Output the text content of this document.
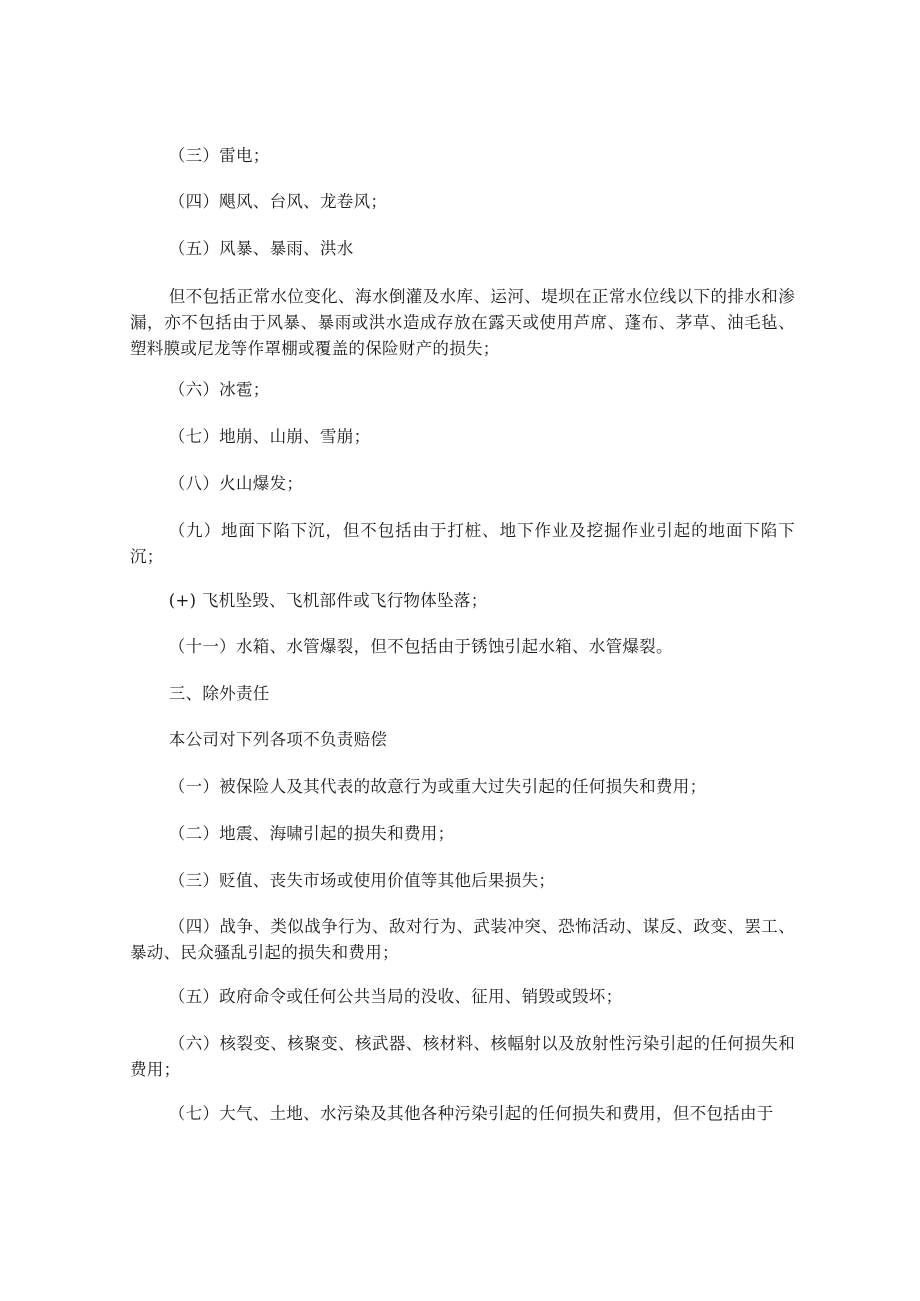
（三）雷电；

（四）飓风、台风、龙卷风；

（五）风暴、暴雨、洪水

但不包括正常水位变化、海水倒灌及水库、运河、堤坝在正常水位线以下的排水和渗漏，亦不包括由于风暴、暴雨或洪水造成存放在露天或使用芦席、蓬布、茅草、油毛毡、塑料膜或尼龙等作罩棚或覆盖的保险财产的损失；

（六）冰雹；

（七）地崩、山崩、雪崩；

（八）火山爆发；

（九）地面下陷下沉，但不包括由于打桩、地下作业及挖掘作业引起的地面下陷下沉；

(+) 飞机坠毁、飞机部件或飞行物体坠落；

（十一）水箱、水管爆裂，但不包括由于锈蚀引起水箱、水管爆裂。

三、除外责任

本公司对下列各项不负责赔偿

（一）被保险人及其代表的故意行为或重大过失引起的任何损失和费用；

（二）地震、海啸引起的损失和费用；

（三）贬值、丧失市场或使用价值等其他后果损失；

（四）战争、类似战争行为、敌对行为、武装冲突、恐怖活动、谋反、政变、罢工、暴动、民众骚乱引起的损失和费用；

（五）政府命令或任何公共当局的没收、征用、销毁或毁坏；

（六）核裂变、核聚变、核武器、核材料、核幅射以及放射性污染引起的任何损失和费用；

（七）大气、土地、水污染及其他各种污染引起的任何损失和费用，但不包括由于
